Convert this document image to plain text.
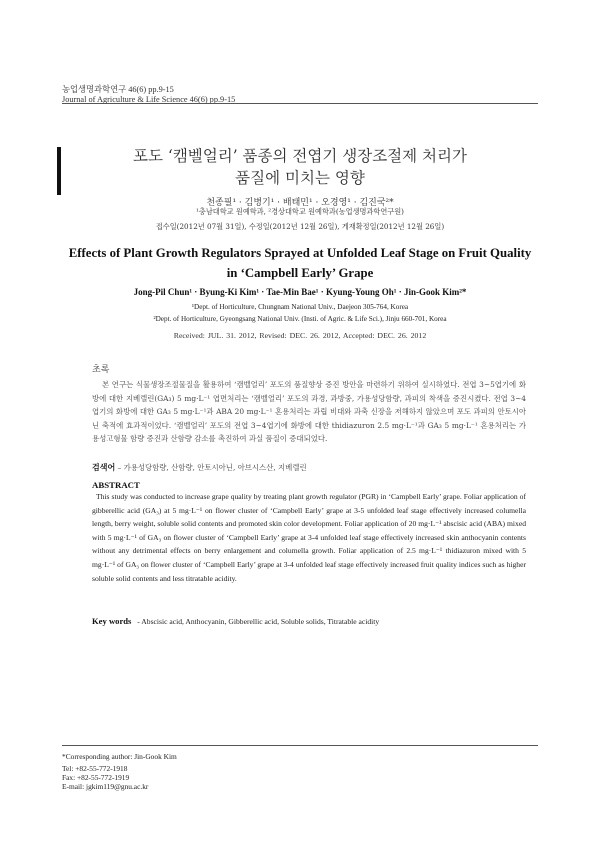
농업생명과학연구 46(6) pp.9-15
Journal of Agriculture & Life Science 46(6) pp.9-15
포도 ‘캠벨얼리’ 품종의 전엽기 생장조절제 처리가
품질에 미치는 영향
천종필¹ · 김병기¹ · 배태민¹ · 오경영¹ · 김진국²*
¹충남대학교 원예학과, ²경상대학교 원예학과(농업생명과학연구원)
접수일(2012년 07월 31일), 수정일(2012년 12월 26일), 게재확정일(2012년 12월 26일)
Effects of Plant Growth Regulators Sprayed at Unfolded Leaf Stage on Fruit Quality
in ‘Campbell Early’ Grape
Jong-Pil Chun¹ · Byung-Ki Kim¹ · Tae-Min Bae¹ · Kyung-Young Oh¹ · Jin-Gook Kim²*
¹Dept. of Horticulture, Chungnam National Univ., Daejeon 305-764, Korea
²Dept. of Horticulture, Gyeongsang National Univ. (Insti. of Agric. & Life Sci.), Jinju 660-701, Korea
Received: JUL. 31. 2012, Revised: DEC. 26. 2012, Accepted: DEC. 26. 2012
초록
본 연구는 식물생장조절물질을 활용하여 ‘캠벨얼리’ 포도의 품질향상 증진 방안을 마련하기 위하여 실시하였다. 전엽 3~5엽기에 화방에 대한 지베렐린(GA₃) 5 mg·L⁻¹ 엽면처리는 ‘캠벨얼리’ 포도의 과경, 과방중, 가용성당함량, 과피의 착색을 증진시켰다. 전엽 3~4엽기의 화방에 대한 GA₃ 5 mg·L⁻¹과 ABA 20 mg·L⁻¹ 혼용처리는 과립 비대와 과축 신장을 저해하지 않았으며 포도 과피의 안토시아닌 축적에 효과적이었다. ‘캠벨얼리’ 포도의 전엽 3~4엽기에 화방에 대한 thidiazuron 2.5 mg·L⁻¹과 GA₃ 5 mg·L⁻¹ 혼용처리는 가용성고형물 함량 증진과 산함량 감소를 촉진하여 과실 품질이 증대되었다.
검색어 – 가용성당함량, 산함량, 안토시아닌, 아브시스산, 지베렐린
ABSTRACT
This study was conducted to increase grape quality by treating plant growth regulator (PGR) in ‘Campbell Early’ grape. Foliar application of gibberellic acid (GA₃) at 5 mg·L⁻¹ on flower cluster of ‘Campbell Early’ grape at 3-5 unfolded leaf stage effectively increased columella length, berry weight, soluble solid contents and promoted skin color development. Foliar application of 20 mg·L⁻¹ abscisic acid (ABA) mixed with 5 mg·L⁻¹ of GA₃ on flower cluster of ‘Campbell Early’ grape at 3-4 unfolded leaf stage effectively increased skin anthocyanin contents without any detrimental effects on berry enlargement and columella growth. Foliar application of 2.5 mg·L⁻¹ thidiazuron mixed with 5 mg·L⁻¹ of GA₃ on flower cluster of ‘Campbell Early’ grape at 3-4 unfolded leaf stage effectively increased fruit quality indices such as higher soluble solid contents and less titratable acidity.
Key words - Abscisic acid, Anthocyanin, Gibberellic acid, Soluble solids, Titratable acidity
*Corresponding author: Jin-Gook Kim
Tel: +82-55-772-1918
Fax: +82-55-772-1919
E-mail: jgkim119@gnu.ac.kr
